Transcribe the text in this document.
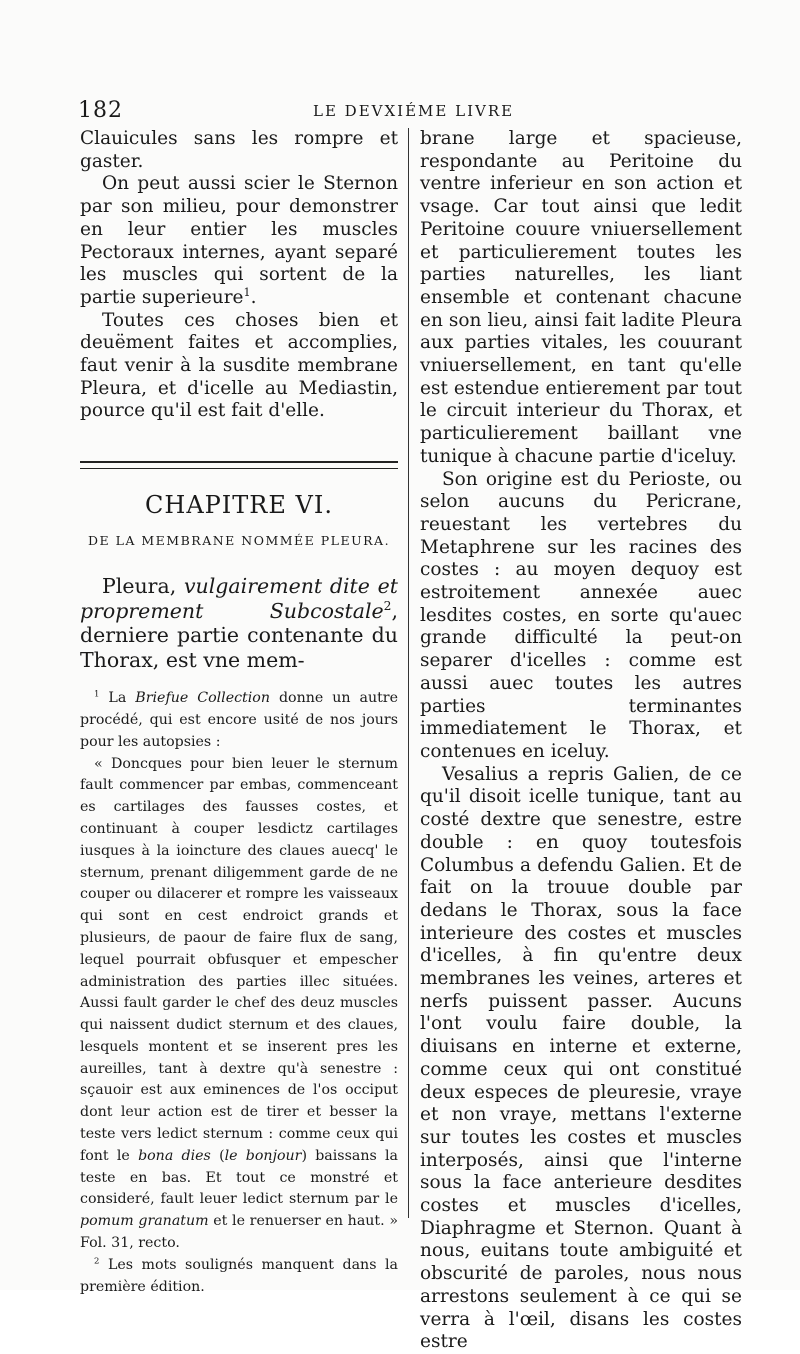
182	LE DEVXIÉME LIVRE

Clauicules sans les rompre et gaster.

On peut aussi scier le Sternon par son milieu, pour demonstrer en leur entier les muscles Pectoraux internes, ayant separé les muscles qui sortent de la partie superieure$^1$.

Toutes ces choses bien et deuëment faites et accomplies, faut venir à la susdite membrane Pleura, et d'icelle au Mediastin, pource qu'il est fait d'elle.

CHAPITRE VI.
DE LA MEMBRANE NOMMÉE PLEURA.

Pleura, vulgairement dite et proprement Subcostale$^2$, derniere partie contenante du Thorax, est vne mem-

$^1$ La Briefue Collection donne un autre procédé, qui est encore usité de nos jours pour les autopsies :

« Doncques pour bien leuer le sternum fault commencer par embas, commenceant es cartilages des fausses costes, et continuant à couper lesdictz cartilages iusques à la ioincture des claues auecq' le sternum, prenant diligemment garde de ne couper ou dilacerer et rompre les vaisseaux qui sont en cest endroict grands et plusieurs, de paour de faire flux de sang, lequel pourrait obfusquer et empescher administration des parties illec situées. Aussi fault garder le chef des deuz muscles qui naissent dudict sternum et des claues, lesquels montent et se inserent pres les aureilles, tant à dextre qu'à senestre : sçauoir est aux eminences de l'os occiput dont leur action est de tirer et besser la teste vers ledict sternum : comme ceux qui font le bona dies (le bonjour) baissans la teste en bas. Et tout ce monstré et consideré, fault leuer ledict sternum par le pomum granatum et le renuerser en haut. » Fol. 31, recto.

$^2$ Les mots soulignés manquent dans la première édition.

brane large et spacieuse, respondante au Peritoine du ventre inferieur en son action et vsage. Car tout ainsi que ledit Peritoine couure vniuersellement et particulierement toutes les parties naturelles, les liant ensemble et contenant chacune en son lieu, ainsi fait ladite Pleura aux parties vitales, les couurant vniuersellement, en tant qu'elle est estendue entierement par tout le circuit interieur du Thorax, et particulierement baillant vne tunique à chacune partie d'iceluy.

Son origine est du Perioste, ou selon aucuns du Pericrane, reuestant les vertebres du Metaphrene sur les racines des costes : au moyen dequoy est estroitement annexée auec lesdites costes, en sorte qu'auec grande difficulté la peut-on separer d'icelles : comme est aussi auec toutes les autres parties terminantes immediatement le Thorax, et contenues en iceluy.

Vesalius a repris Galien, de ce qu'il disoit icelle tunique, tant au costé dextre que senestre, estre double : en quoy toutesfois Columbus a defendu Galien. Et de fait on la trouue double par dedans le Thorax, sous la face interieure des costes et muscles d'icelles, à fin qu'entre deux membranes les veines, arteres et nerfs puissent passer. Aucuns l'ont voulu faire double, la diuisans en interne et externe, comme ceux qui ont constitué deux especes de pleuresie, vraye et non vraye, mettans l'externe sur toutes les costes et muscles interposés, ainsi que l'interne sous la face anterieure desdites costes et muscles d'icelles, Diaphragme et Sternon. Quant à nous, euitans toute ambiguité et obscurité de paroles, nous nous arrestons seulement à ce qui se verra à l'œil, disans les costes estre
